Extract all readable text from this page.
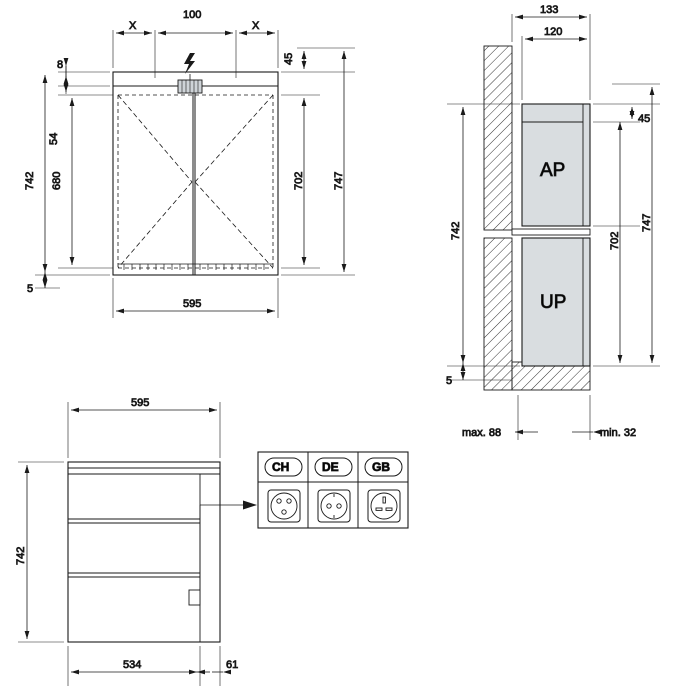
X
100
X
8
54
680
742
5
45
702	747
595
AP
UP
133
120
742
5
45
702
747
max. 88	min. 32
595
742
534	61
CH	DE	GB
